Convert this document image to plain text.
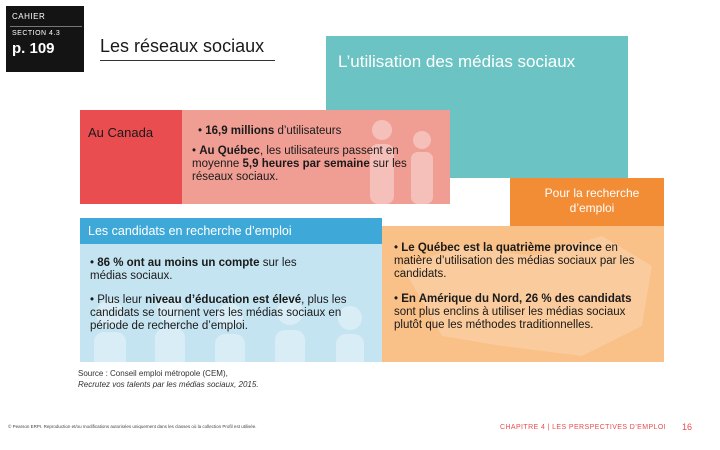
CAHIER
SECTION 4.3
p. 109	Les réseaux sociaux
L’utilisation des médias sociaux
Au Canada	• 16,9 millions d’utilisateurs
• Au Québec, les utilisateurs passent en moyenne 5,9 heures par semaine sur les réseaux sociaux.
Pour la recherche d’emploi
Les candidats en recherche d’emploi
• 86 % ont au moins un compte sur les médias sociaux.
• Plus leur niveau d’éducation est élevé, plus les candidats se tournent vers les médias sociaux en période de recherche d’emploi.
• Le Québec est la quatrième province en matière d’utilisation des médias sociaux par les candidats.
• En Amérique du Nord, 26 % des candidats sont plus enclins à utiliser les médias sociaux plutôt que les méthodes traditionnelles.
Source : Conseil emploi métropole (CEM),
Recrutez vos talents par les médias sociaux, 2015.
© Pearson ERPI. Reproduction et/ou modifications autorisées uniquement dans les classes où la collection Profil est utilisée.	CHAPITRE 4 | LES PERSPECTIVES D’EMPLOI 16
